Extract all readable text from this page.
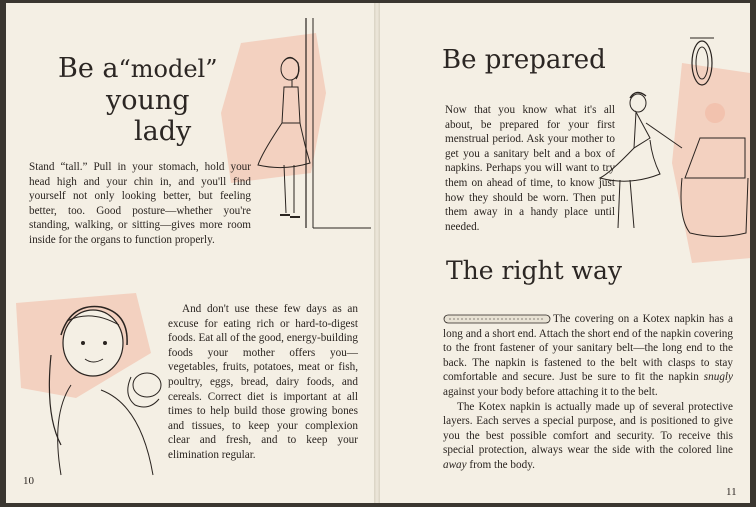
Be a“model”
young
lady

Stand “tall.” Pull in your stomach, hold your head high and your chin in, and you'll find yourself not only looking better, but feeling better, too. Good posture—whether you're standing, walking, or sitting—gives more room inside for the organs to function properly.

And don't use these few days as an excuse for eating rich or hard-to-digest foods. Eat all of the good, energy-building foods your mother offers you—vegetables, fruits, potatoes, meat or fish, poultry, eggs, bread, dairy foods, and cereals. Correct diet is important at all times to help build those growing bones and tissues, to keep your complexion clear and fresh, and to keep your elimination regular.

10
Be prepared

Now that you know what it's all about, be prepared for your first menstrual period. Ask your mother to get you a sanitary belt and a box of napkins. Perhaps you will want to try them on ahead of time, to know just how they should be worn. Then put them away in a handy place until needed.

The right way

The covering on a Kotex napkin has a long and a short end. Attach the short end of the napkin covering to the front fastener of your sanitary belt—the long end to the back. The napkin is fastened to the belt with clasps to stay comfortable and secure. Just be sure to fit the napkin snugly against your body before attaching it to the belt.

The Kotex napkin is actually made up of several protective layers. Each serves a special purpose, and is positioned to give you the best possible comfort and security. To receive this special protection, always wear the side with the colored line away from the body.

11
